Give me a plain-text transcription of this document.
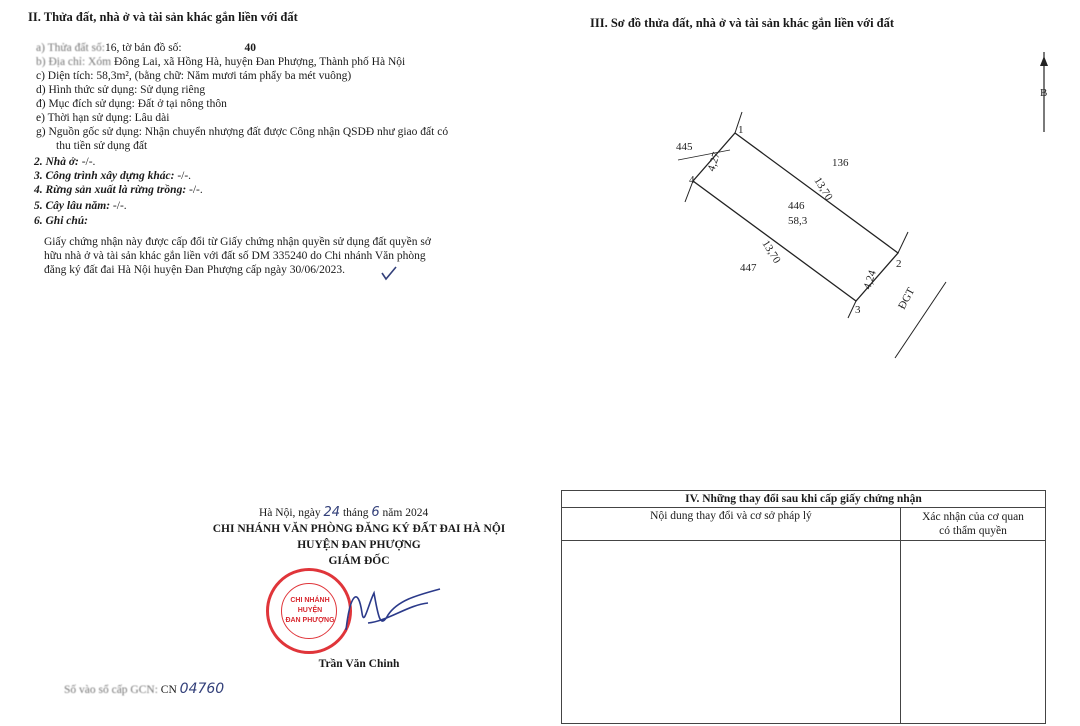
II. Thửa đất, nhà ở và tài sản khác gắn liền với đất
a) Thửa đất số:16, tờ bản đồ số:	40
b) Địa chỉ: Xóm Đông Lai, xã Hồng Hà, huyện Đan Phượng, Thành phố Hà Nội
c) Diện tích: 58,3m², (bằng chữ: Năm mươi tám phẩy ba mét vuông)
d) Hình thức sử dụng: Sử dụng riêng
đ) Mục đích sử dụng: Đất ở tại nông thôn
e) Thời hạn sử dụng: Lâu dài
g) Nguồn gốc sử dụng: Nhận chuyển nhượng đất được Công nhận QSDĐ như giao đất có
thu tiền sử dụng đất
2. Nhà ở: -/-.
3. Công trình xây dựng khác: -/-.
4. Rừng sản xuất là rừng trồng: -/-.
5. Cây lâu năm: -/-.
6. Ghi chú:
Giấy chứng nhận này được cấp đổi từ Giấy chứng nhận quyền sử dụng đất quyền sở
hữu nhà ở và tài sản khác gắn liền với đất số DM 335240 do Chi nhánh Văn phòng
đăng ký đất đai Hà Nội huyện Đan Phượng cấp ngày 30/06/2023.
III. Sơ đồ thửa đất, nhà ở và tài sản khác gắn liền với đất
B
445
136
447
446
58,3
4,27
4,24
13,70
13,70
ĐGT
1
2
3
4
Hà Nội, ngày 24 tháng 6 năm 2024
CHI NHÁNH VĂN PHÒNG ĐĂNG KÝ ĐẤT ĐAI HÀ NỘI
HUYỆN ĐAN PHƯỢNG
GIÁM ĐỐC
CHI NHÁNH
HUYỆN
ĐAN PHƯỢNG
Trần Văn Chinh
Số vào sổ cấp GCN: CN 04760
IV. Những thay đổi sau khi cấp giấy chứng nhận	
Nội dung thay đổi và cơ sở pháp lý	Xác nhận của cơ quan
có thẩm quyền
